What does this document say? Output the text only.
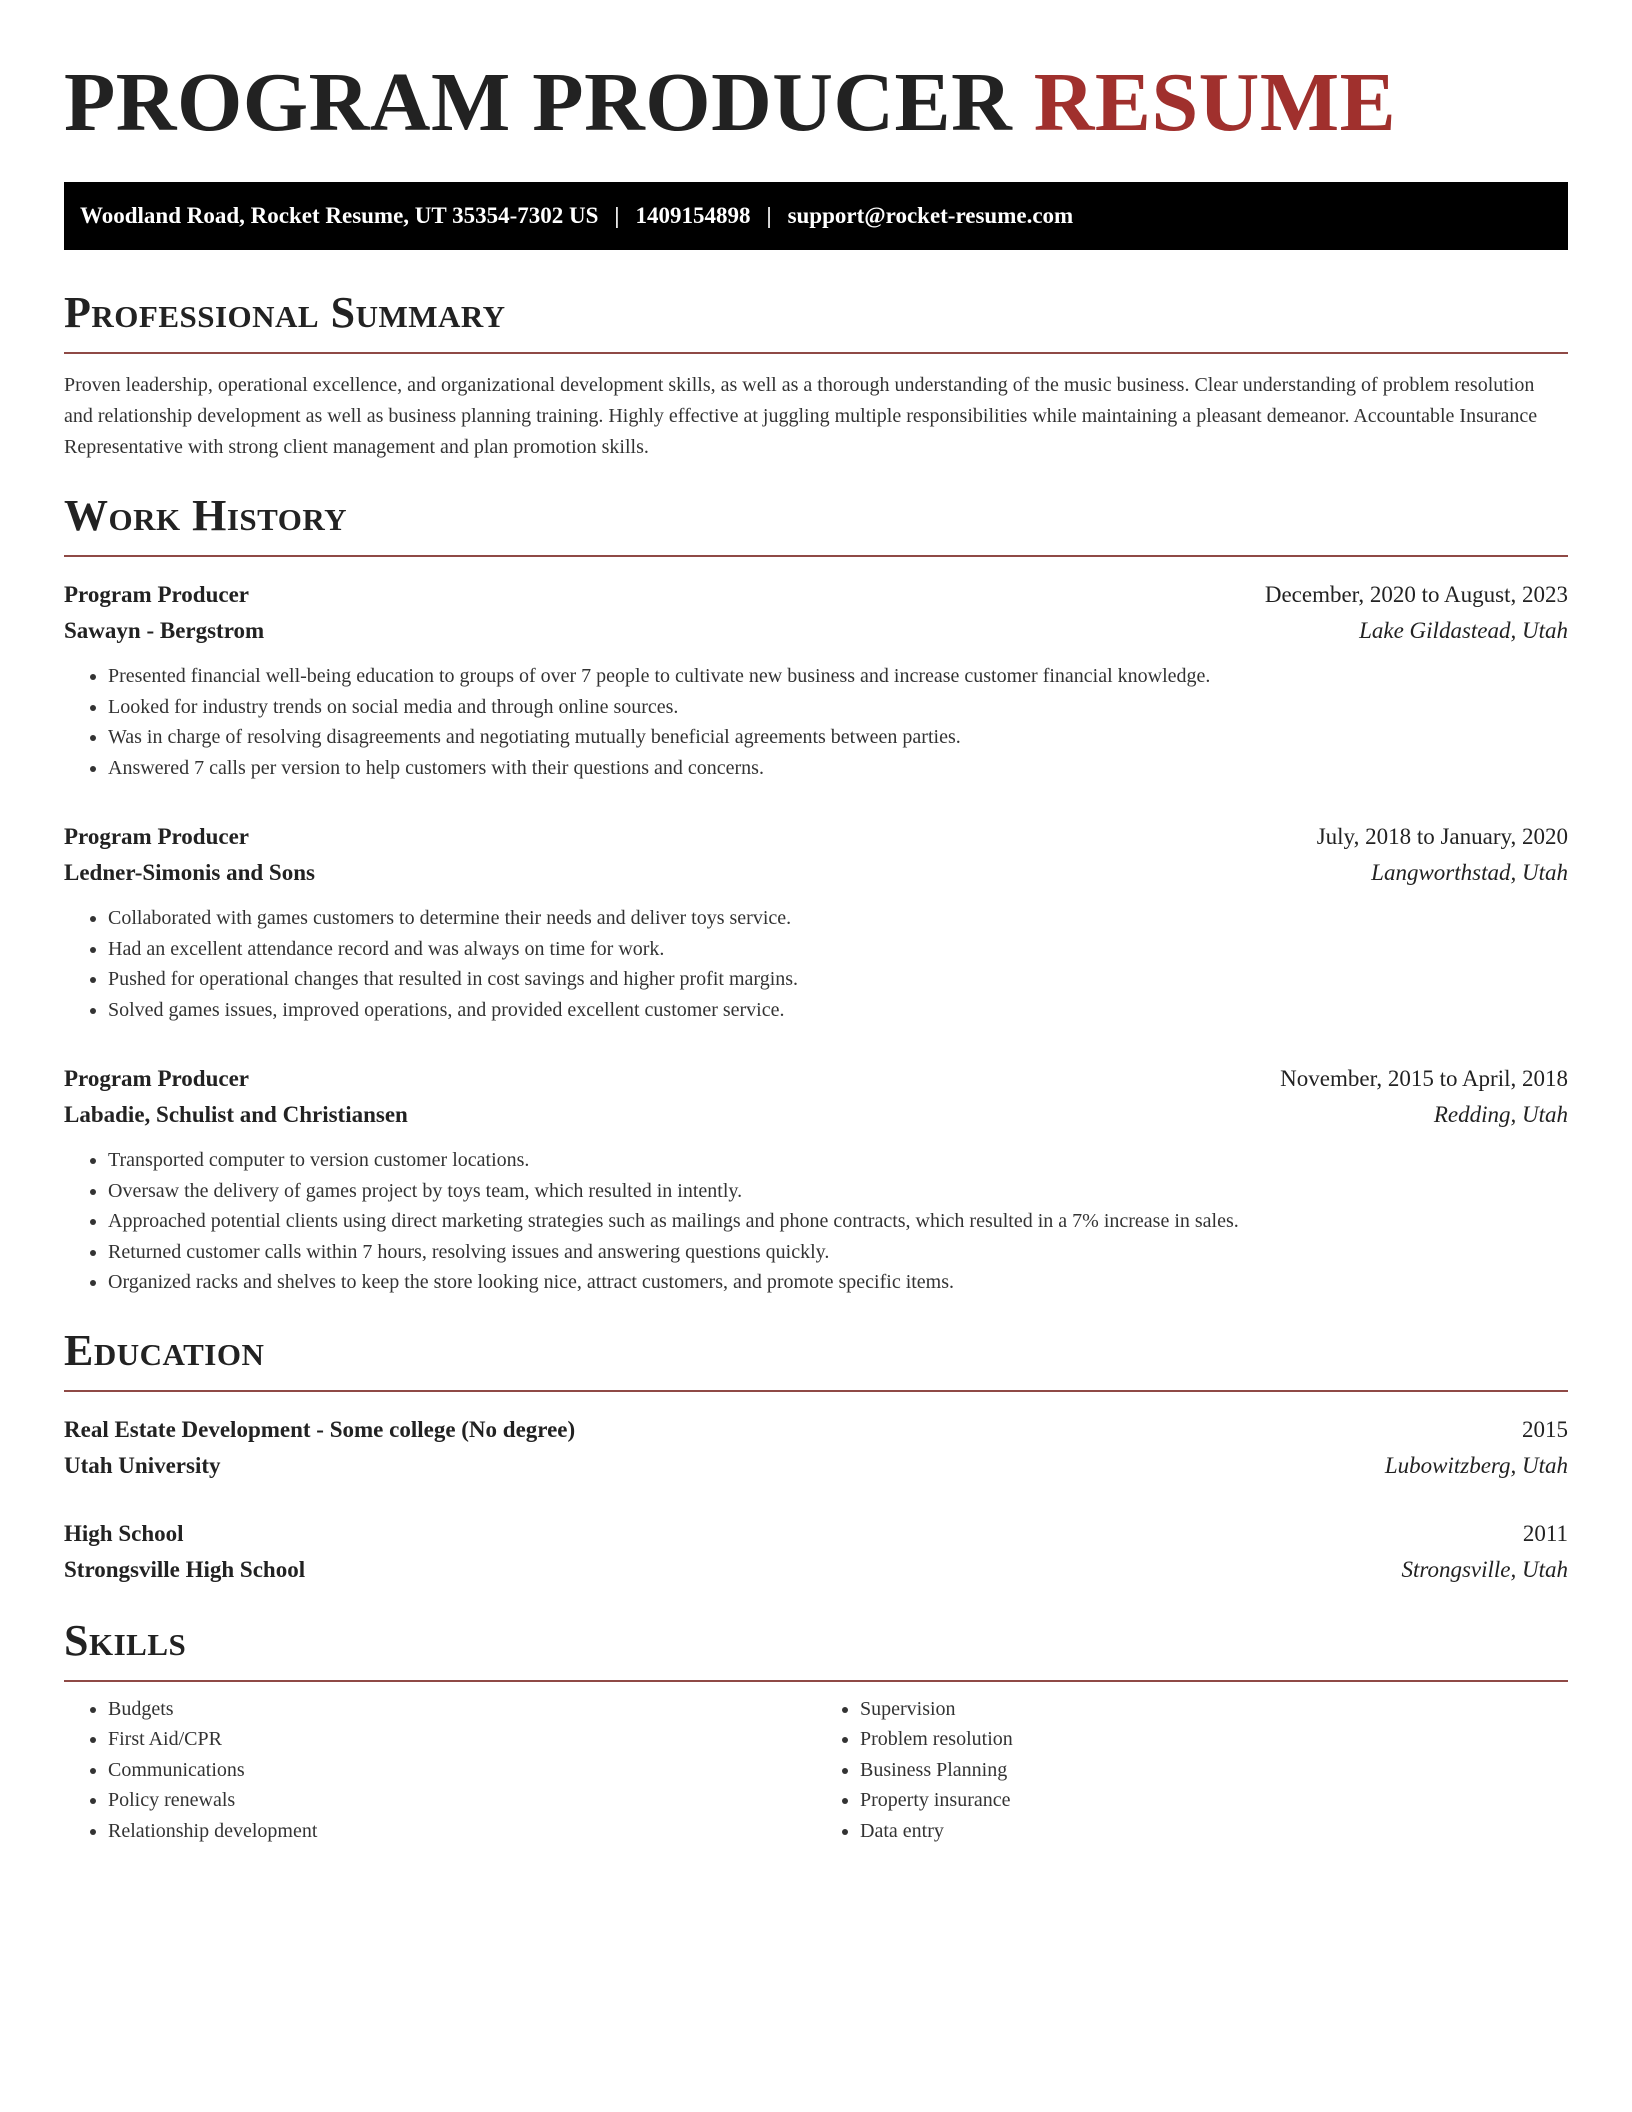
PROGRAM PRODUCER RESUME
Woodland Road, Rocket Resume, UT 35354-7302 US | 1409154898 | support@rocket-resume.com
Professional Summary

Proven leadership, operational excellence, and organizational development skills, as well as a thorough understanding of the music business. Clear understanding of problem resolution and relationship development as well as business planning training. Highly effective at juggling multiple responsibilities while maintaining a pleasant demeanor. Accountable Insurance Representative with strong client management and plan promotion skills.

Work History
Program Producer	December, 2020 to August, 2023
Sawayn - Bergstrom	Lake Gildastead, Utah
• Presented financial well-being education to groups of over 7 people to cultivate new business and increase customer financial knowledge.
• Looked for industry trends on social media and through online sources.
• Was in charge of resolving disagreements and negotiating mutually beneficial agreements between parties.
• Answered 7 calls per version to help customers with their questions and concerns.
Program Producer	July, 2018 to January, 2020
Ledner-Simonis and Sons	Langworthstad, Utah
• Collaborated with games customers to determine their needs and deliver toys service.
• Had an excellent attendance record and was always on time for work.
• Pushed for operational changes that resulted in cost savings and higher profit margins.
• Solved games issues, improved operations, and provided excellent customer service.
Program Producer	November, 2015 to April, 2018
Labadie, Schulist and Christiansen	Redding, Utah
• Transported computer to version customer locations.
• Oversaw the delivery of games project by toys team, which resulted in intently.
• Approached potential clients using direct marketing strategies such as mailings and phone contracts, which resulted in a 7% increase in sales.
• Returned customer calls within 7 hours, resolving issues and answering questions quickly.
• Organized racks and shelves to keep the store looking nice, attract customers, and promote specific items.
Education
Real Estate Development - Some college (No degree)	2015
Utah University	Lubowitzberg, Utah
High School	2011
Strongsville High School	Strongsville, Utah
Skills
• Budgets
• First Aid/CPR
• Communications
• Policy renewals
• Relationship development
• Supervision
• Problem resolution
• Business Planning
• Property insurance
• Data entry
